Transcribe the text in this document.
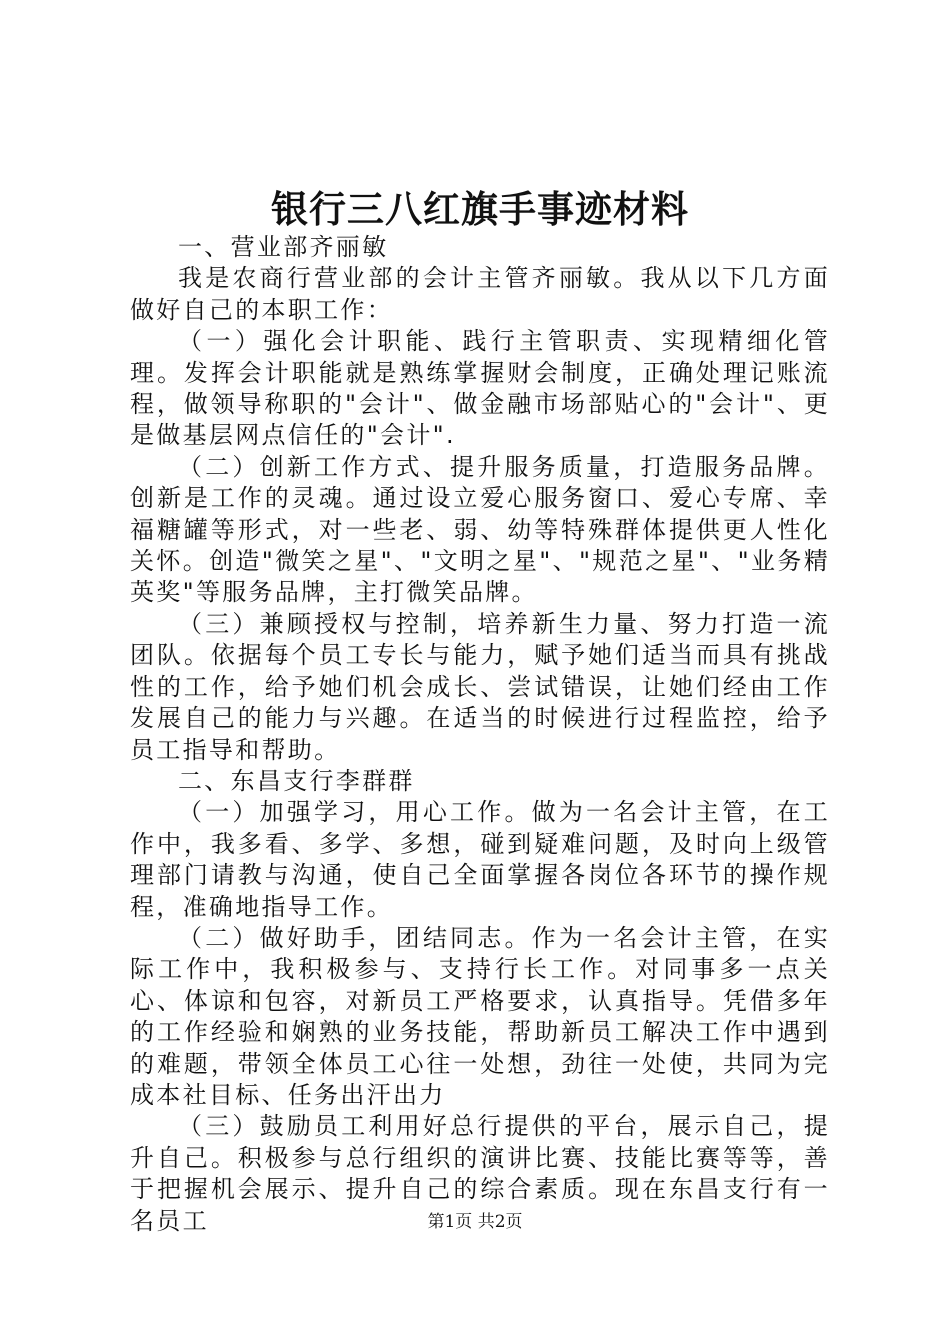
银行三八红旗手事迹材料

一、营业部齐丽敏

我是农商行营业部的会计主管齐丽敏。我从以下几方面做好自己的本职工作：

（一）强化会计职能、践行主管职责、实现精细化管理。发挥会计职能就是熟练掌握财会制度，正确处理记账流程，做领导称职的"会计"、做金融市场部贴心的"会计"、更是做基层网点信任的"会计".

（二）创新工作方式、提升服务质量，打造服务品牌。创新是工作的灵魂。通过设立爱心服务窗口、爱心专席、幸福糖罐等形式，对一些老、弱、幼等特殊群体提供更人性化关怀。创造"微笑之星"、"文明之星"、"规范之星"、"业务精英奖"等服务品牌，主打微笑品牌。

（三）兼顾授权与控制，培养新生力量、努力打造一流团队。依据每个员工专长与能力，赋予她们适当而具有挑战性的工作，给予她们机会成长、尝试错误，让她们经由工作发展自己的能力与兴趣。在适当的时候进行过程监控，给予员工指导和帮助。

二、东昌支行李群群

（一）加强学习，用心工作。做为一名会计主管，在工作中，我多看、多学、多想，碰到疑难问题，及时向上级管理部门请教与沟通，使自己全面掌握各岗位各环节的操作规程，准确地指导工作。

（二）做好助手，团结同志。作为一名会计主管，在实际工作中，我积极参与、支持行长工作。对同事多一点关心、体谅和包容，对新员工严格要求，认真指导。凭借多年的工作经验和娴熟的业务技能，帮助新员工解决工作中遇到的难题，带领全体员工心往一处想，劲往一处使，共同为完成本社目标、任务出汗出力

（三）鼓励员工利用好总行提供的平台，展示自己，提升自己。积极参与总行组织的演讲比赛、技能比赛等等，善于把握机会展示、提升自己的综合素质。现在东昌支行有一名员工	第1页 共2页
